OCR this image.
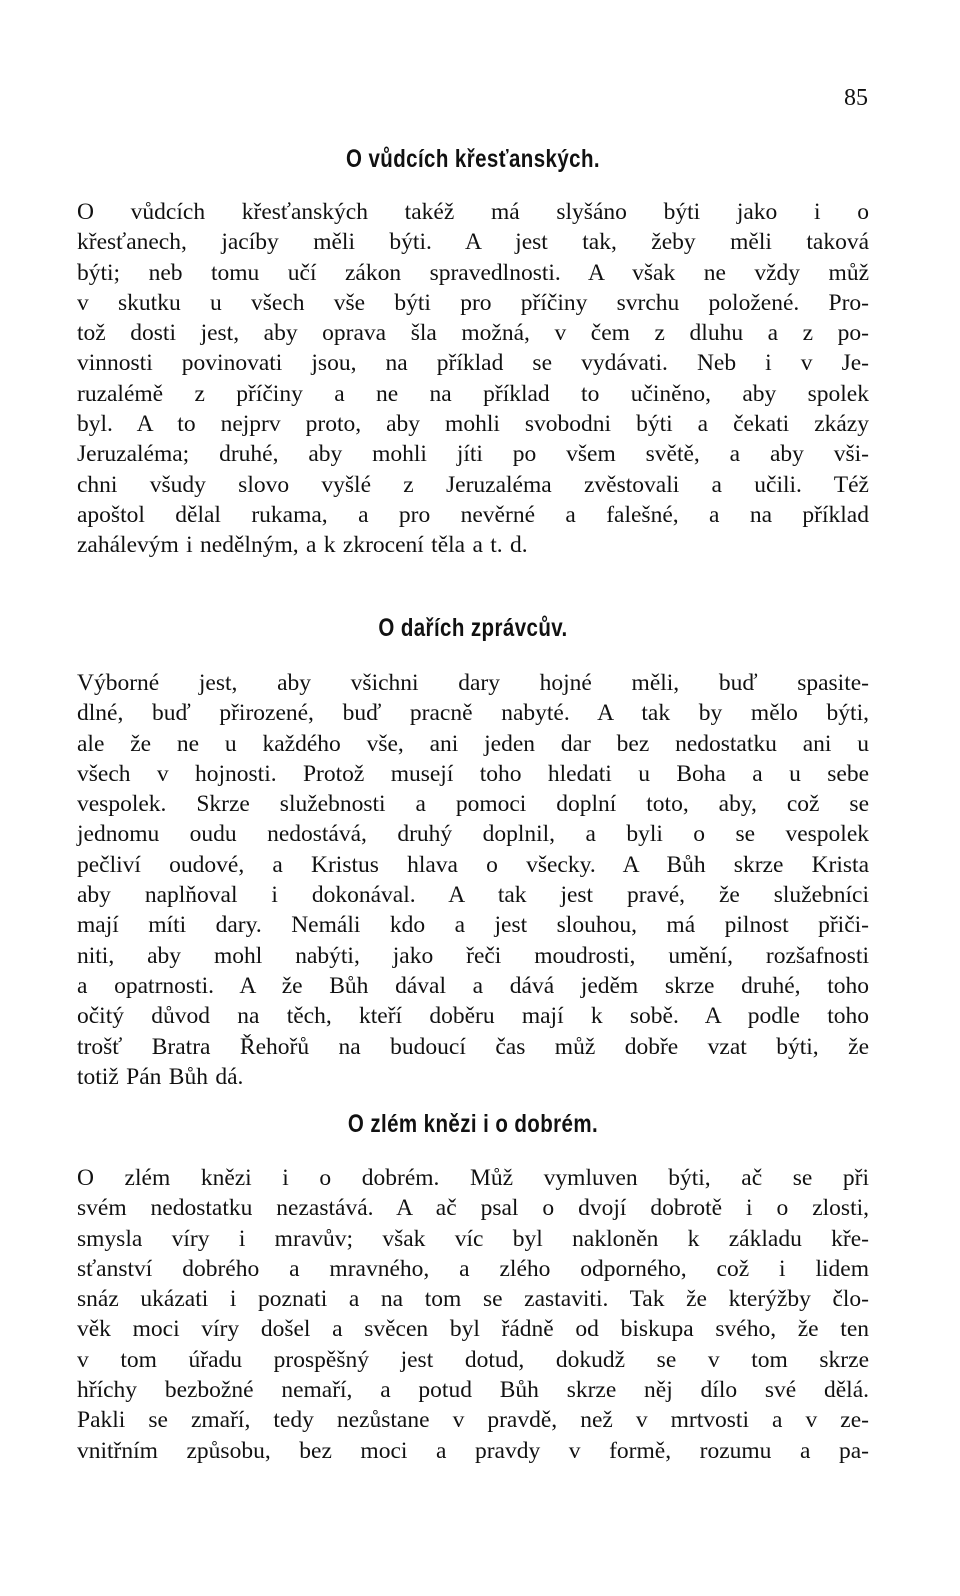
85
O vůdcích křesťanských.

O vůdcích křesťanských takéž má slyšáno býti jako i o
křesťanech, jacíby měli býti. A jest tak, žeby měli taková
býti; neb tomu učí zákon spravedlnosti. A však ne vždy můž
v skutku u všech vše býti pro příčiny svrchu položené. Pro-
tož dosti jest, aby oprava šla možná, v čem z dluhu a z po-
vinnosti povinovati jsou, na příklad se vydávati. Neb i v Je-
ruzalémě z příčiny a ne na příklad to učiněno, aby spolek
byl. A to nejprv proto, aby mohli svobodni býti a čekati zkázy
Jeruzaléma; druhé, aby mohli jíti po všem světě, a aby vši-
chni všudy slovo vyšlé z Jeruzaléma zvěstovali a učili. Též
apoštol dělal rukama, a pro nevěrné a falešné, a na příklad
zahálevým i nedělným, a k zkrocení těla a t. d.

O dařích zprávcův.

Výborné jest, aby všichni dary hojné měli, buď spasite-
dlné, buď přirozené, buď pracně nabyté. A tak by mělo býti,
ale že ne u každého vše, ani jeden dar bez nedostatku ani u
všech v hojnosti. Protož musejí toho hledati u Boha a u sebe
vespolek. Skrze služebnosti a pomoci doplní toto, aby, což se
jednomu oudu nedostává, druhý doplnil, a byli o se vespolek
pečliví oudové, a Kristus hlava o všecky. A Bůh skrze Krista
aby naplňoval i dokonával. A tak jest pravé, že služebníci
mají míti dary. Nemáli kdo a jest slouhou, má pilnost přiči-
niti, aby mohl nabýti, jako řeči moudrosti, umění, rozšafnosti
a opatrnosti. A že Bůh dával a dává jeděm skrze druhé, toho
očitý důvod na těch, kteří doběru mají k sobě. A podle toho
trošť Bratra Řehořů na budoucí čas můž dobře vzat býti, že
totiž Pán Bůh dá.

O zlém knězi i o dobrém.

O zlém knězi i o dobrém. Můž vymluven býti, ač se při
svém nedostatku nezastává. A ač psal o dvojí dobrotě i o zlosti,
smysla víry i mravův; však víc byl nakloněn k základu kře-
sťanství dobrého a mravného, a zlého odporného, což i lidem
snáz ukázati i poznati a na tom se zastaviti. Tak že kterýžby člo-
věk moci víry došel a svěcen byl řádně od biskupa svého, že ten
v tom úřadu prospěšný jest dotud, dokudž se v tom skrze
hříchy bezbožné nemaří, a potud Bůh skrze něj dílo své dělá.
Pakli se zmaří, tedy nezůstane v pravdě, než v mrtvosti a v ze-
vnitřním způsobu, bez moci a pravdy v formě, rozumu a pa-
